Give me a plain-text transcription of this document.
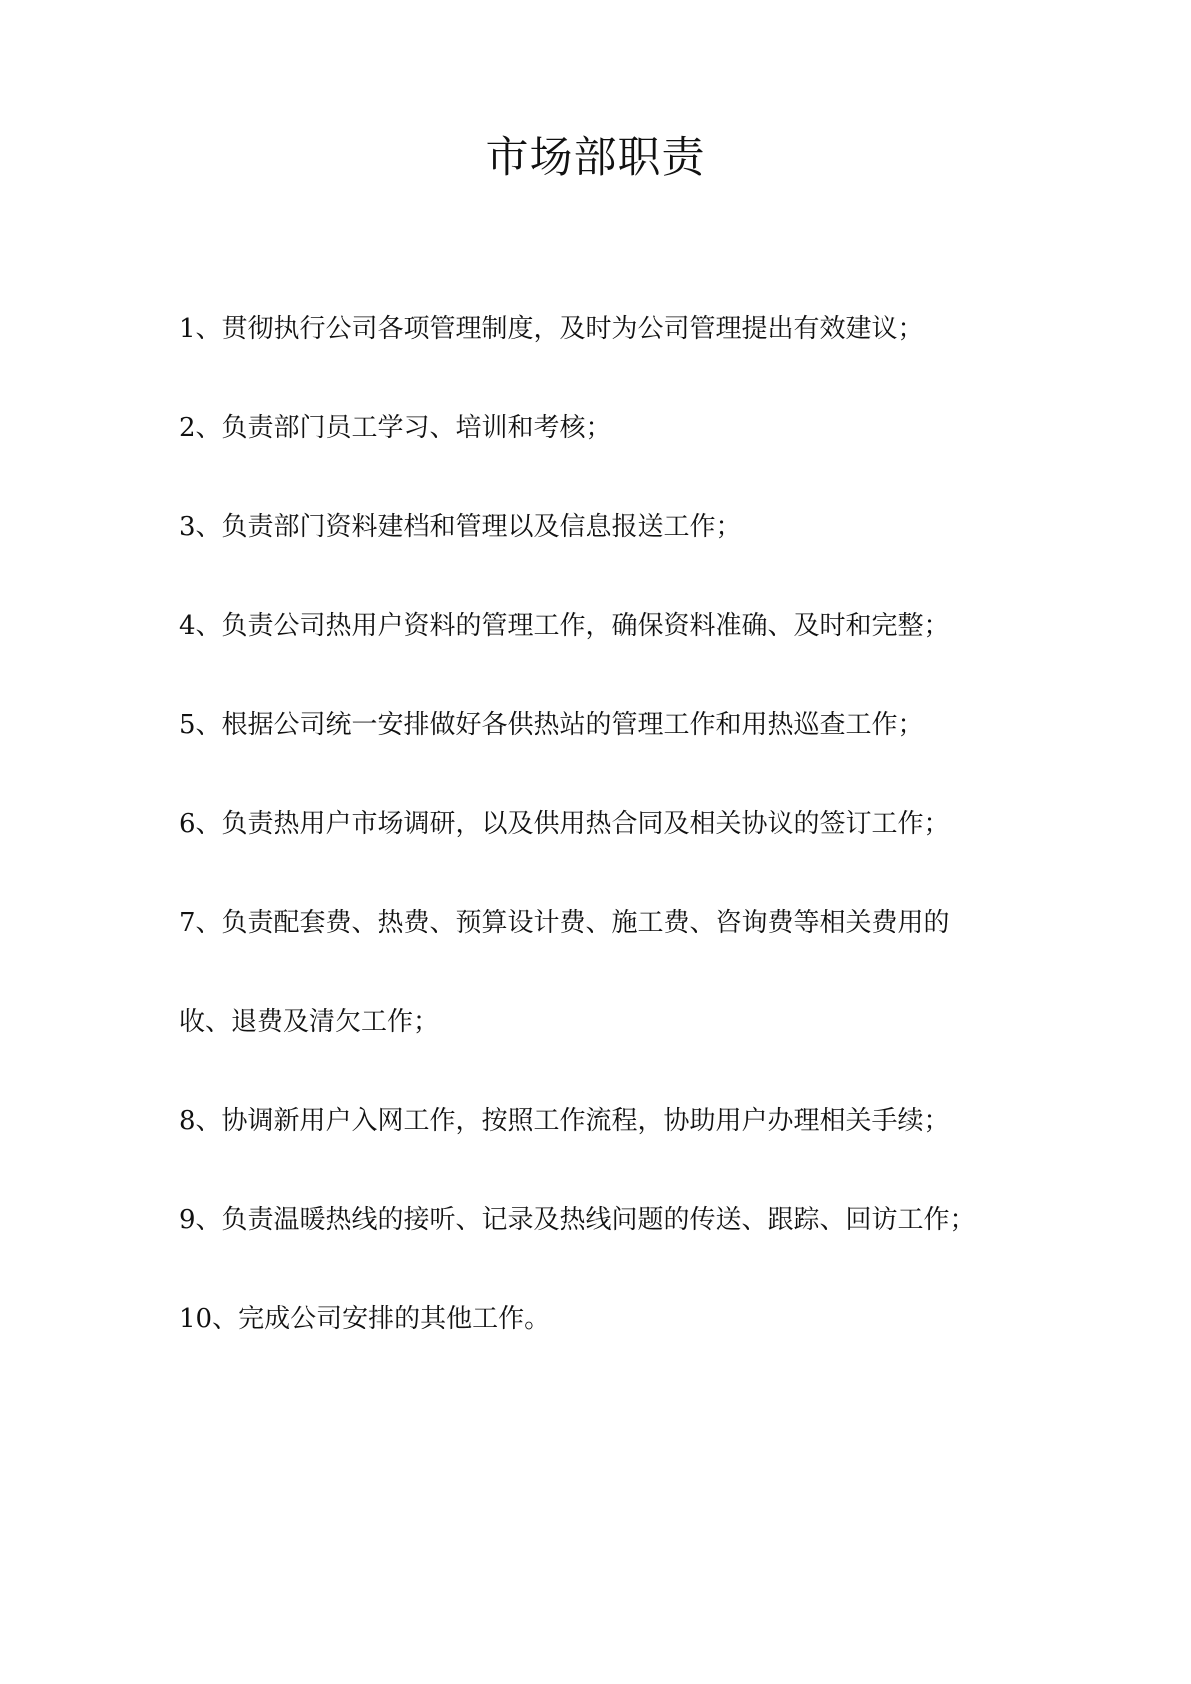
市场部职责
1、贯彻执行公司各项管理制度，及时为公司管理提出有效建议；
2、负责部门员工学习、培训和考核；
3、负责部门资料建档和管理以及信息报送工作；
4、负责公司热用户资料的管理工作，确保资料准确、及时和完整；
5、根据公司统一安排做好各供热站的管理工作和用热巡查工作；
6、负责热用户市场调研，以及供用热合同及相关协议的签订工作；
7、负责配套费、热费、预算设计费、施工费、咨询费等相关费用的
收、退费及清欠工作；
8、协调新用户入网工作，按照工作流程，协助用户办理相关手续；
9、负责温暖热线的接听、记录及热线问题的传送、跟踪、回访工作；
10、完成公司安排的其他工作。
